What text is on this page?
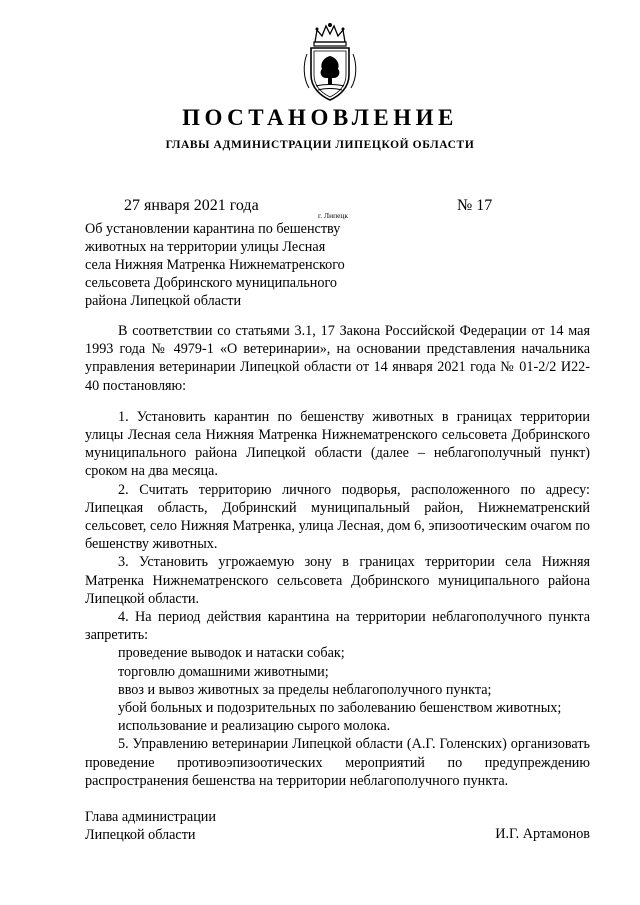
ПОСТАНОВЛЕНИЕ
ГЛАВЫ АДМИНИСТРАЦИИ ЛИПЕЦКОЙ ОБЛАСТИ
27 января 2021 года
г. Липецк
№ 17
Об установлении карантина по бешенству
животных на территории улицы Лесная
села Нижняя Матренка Нижнематренского
сельсовета Добринского муниципального
района Липецкой области

В соответствии со статьями 3.1, 17 Закона Российской Федерации от 14 мая 1993 года № 4979-1 «О ветеринарии», на основании представления начальника управления ветеринарии Липецкой области от 14 января 2021 года № 01-2/2 И22-40 постановляю:

1. Установить карантин по бешенству животных в границах территории улицы Лесная села Нижняя Матренка Нижнематренского сельсовета Добринского муниципального района Липецкой области (далее – неблагополучный пункт) сроком на два месяца.

2. Считать территорию личного подворья, расположенного по адресу: Липецкая область, Добринский муниципальный район, Нижнематренский сельсовет, село Нижняя Матренка, улица Лесная, дом 6, эпизоотическим очагом по бешенству животных.

3. Установить угрожаемую зону в границах территории села Нижняя Матренка Нижнематренского сельсовета Добринского муниципального района Липецкой области.

4. На период действия карантина на территории неблагополучного пункта запретить:

проведение выводок и натаски собак;

торговлю домашними животными;

ввоз и вывоз животных за пределы неблагополучного пункта;

убой больных и подозрительных по заболеванию бешенством животных;

использование и реализацию сырого молока.

5. Управлению ветеринарии Липецкой области (А.Г. Голенских) организовать проведение противоэпизоотических мероприятий по предупреждению распространения бешенства на территории неблагополучного пункта.

Глава администрации
Липецкой области	И.Г. Артамонов
